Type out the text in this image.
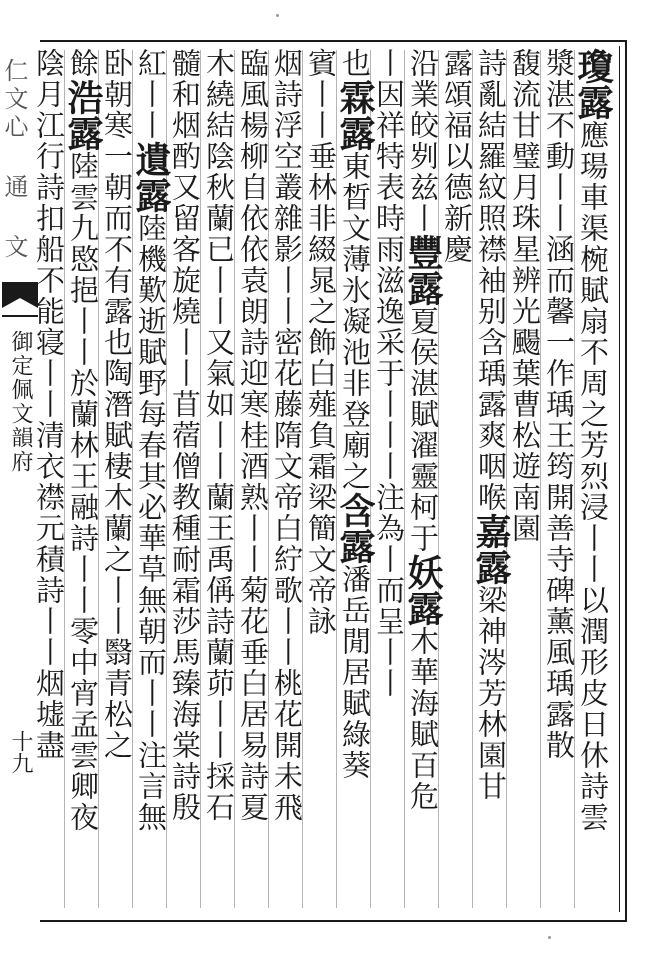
仁文心 通 文
御定佩文韻府
十九
瓊露應瑒車渠椀賦扇不周之芳烈浸丨丨以潤形皮日休詩雲
漿湛不動丨丨涵而馨一作瑀王筠開善寺碑薰風瑀露散
馥流甘璧月珠星辨光颺葉曹松遊南園
詩亂結羅紋照襟袖别含瑀露爽咽喉嘉露梁神涔芳林園甘
露頌福以德新慶
沿業皎刿兹丨豐露夏侯湛賦濯靈柯于妖露木華海賦百危
丨因祥特表時雨滋逸采于丨丨丨注為丨而呈丨丨
也霖露東晳文薄氷凝池非登廟之含露潘岳閒居賦綠葵
賓丨丨垂林非綴晁之飾白薤負霜梁簡文帝詠
烟詩浮空叢雜影丨丨密花藤隋文帝白紵歌丨丨桃花開未飛
臨風楊柳自依依袁朗詩迎寒桂酒熟丨丨菊花垂白居易詩夏
木繞結陰秋蘭已丨丨又氣如丨丨蘭王禹偁詩蘭茆丨丨採石
髓和烟酌又留客旋燒丨丨苜蓿僧教種耐霜莎馬臻海棠詩殷
紅丨丨遺露陸機歎逝賦野每春其必華草無朝而丨丨注言無
卧朝寒一朝而不有露也陶潛賦棲木蘭之丨丨翳青松之
餘浩露陸雲九愍挹丨丨於蘭林王融詩丨丨零中宵孟雲卿夜
陰月江行詩扣船不能寝丨丨清衣襟元積詩丨丨烟墟盡
